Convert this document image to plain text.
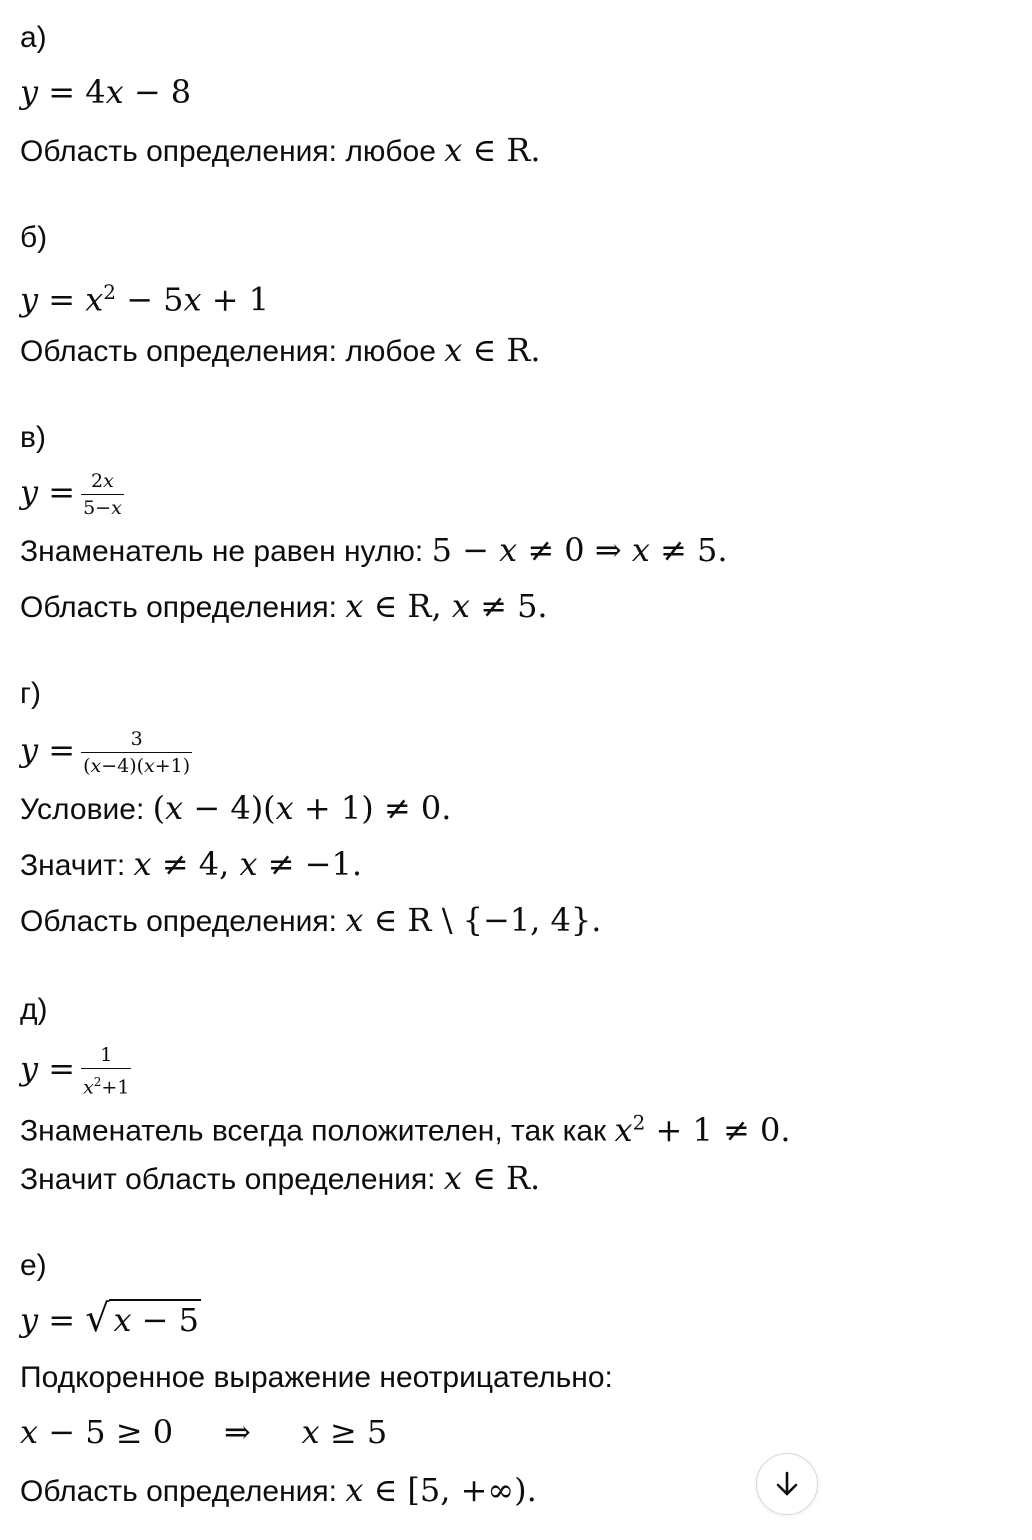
а)
y = 4x − 8
Область определения: любое x ∈ R.
б)
$y = x^2 - 5x + 1$
Область определения: любое x ∈ R.
в)
$y = \frac{2x}{5-x}$
Знаменатель не равен нулю: 5 − x ≠ 0 ⇒ x ≠ 5.
Область определения: x ∈ R, x ≠ 5.
г)
$y = \frac{3}{(x-4)(x+1)}$
Условие: (x − 4)(x + 1) ≠ 0.
Значит: x ≠ 4, x ≠ −1.
Область определения: x ∈ R \ {−1, 4}.
д)
$y = \frac{1}{x^2+1}$
Знаменатель всегда положителен, так как $x^2 + 1 \ne 0$.
Значит область определения: x ∈ R.
е)
y = √ x − 5
Подкоренное выражение неотрицательно:
x − 5 ≥ 0     ⇒     x ≥ 5
Область определения: x ∈ [5, +∞).
